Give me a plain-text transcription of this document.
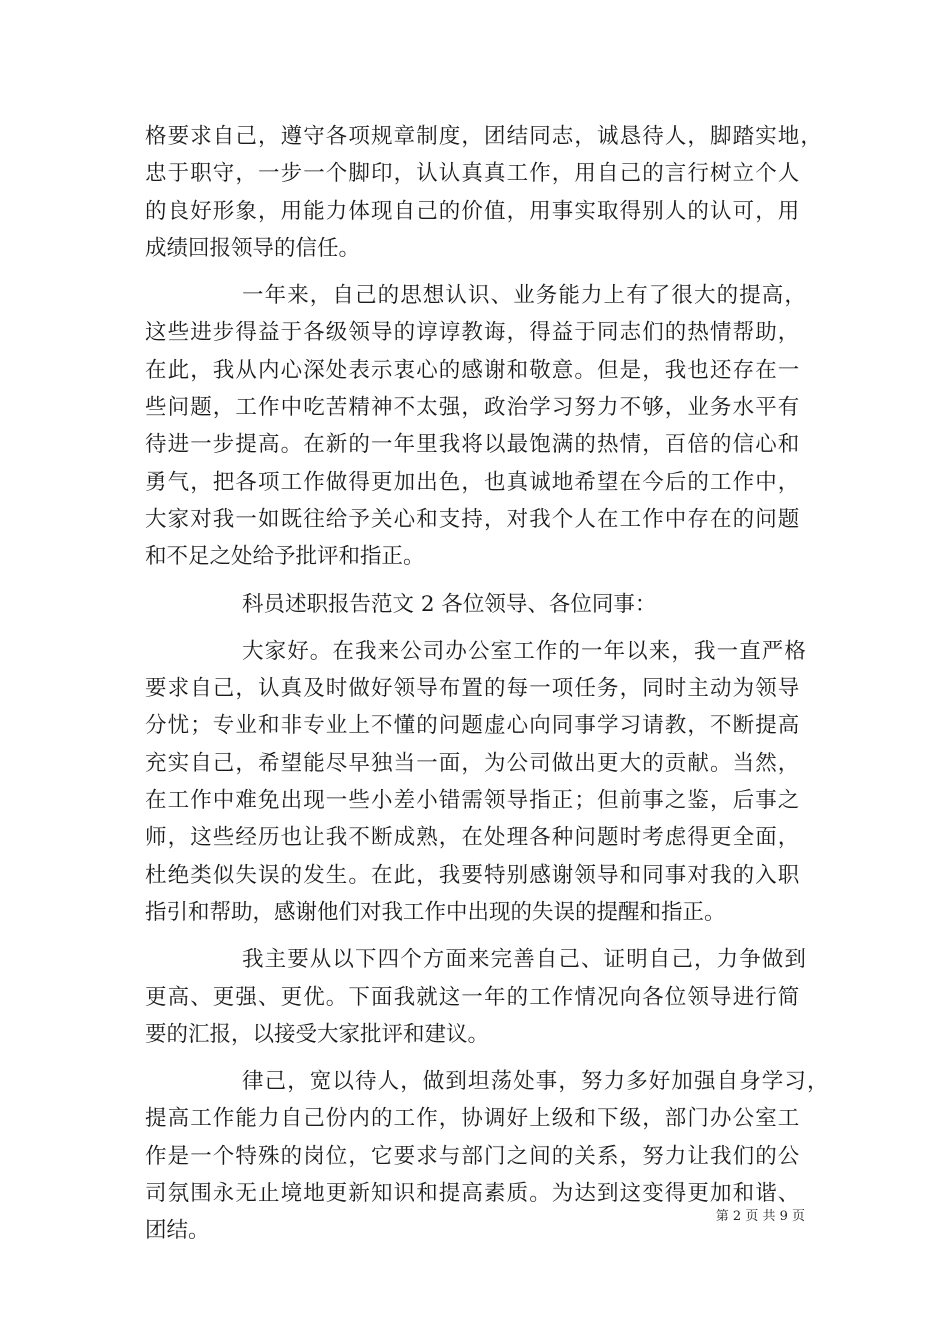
格要求自己，遵守各项规章制度，团结同志，诚恳待人，脚踏实地，
忠于职守，一步一个脚印，认认真真工作，用自己的言行树立个人
的良好形象，用能力体现自己的价值，用事实取得别人的认可，用
成绩回报领导的信任。
一年来，自己的思想认识、业务能力上有了很大的提高，
这些进步得益于各级领导的谆谆教诲，得益于同志们的热情帮助，
在此，我从内心深处表示衷心的感谢和敬意。但是，我也还存在一
些问题，工作中吃苦精神不太强，政治学习努力不够，业务水平有
待进一步提高。在新的一年里我将以最饱满的热情，百倍的信心和
勇气，把各项工作做得更加出色，也真诚地希望在今后的工作中，
大家对我一如既往给予关心和支持，对我个人在工作中存在的问题
和不足之处给予批评和指正。
科员述职报告范文 2 各位领导、各位同事：
大家好。在我来公司办公室工作的一年以来，我一直严格
要求自己，认真及时做好领导布置的每一项任务，同时主动为领导
分忧；专业和非专业上不懂的问题虚心向同事学习请教，不断提高
充实自己，希望能尽早独当一面，为公司做出更大的贡献。当然，
在工作中难免出现一些小差小错需领导指正；但前事之鉴，后事之
师，这些经历也让我不断成熟，在处理各种问题时考虑得更全面，
杜绝类似失误的发生。在此，我要特别感谢领导和同事对我的入职
指引和帮助，感谢他们对我工作中出现的失误的提醒和指正。
我主要从以下四个方面来完善自己、证明自己，力争做到
更高、更强、更优。下面我就这一年的工作情况向各位领导进行简
要的汇报，以接受大家批评和建议。
律己，宽以待人，做到坦荡处事，努力多好加强自身学习，
提高工作能力自己份内的工作，协调好上级和下级，部门办公室工
作是一个特殊的岗位，它要求与部门之间的关系，努力让我们的公
司氛围永无止境地更新知识和提高素质。为达到这变得更加和谐、
团结。
第 2 页 共 9 页
